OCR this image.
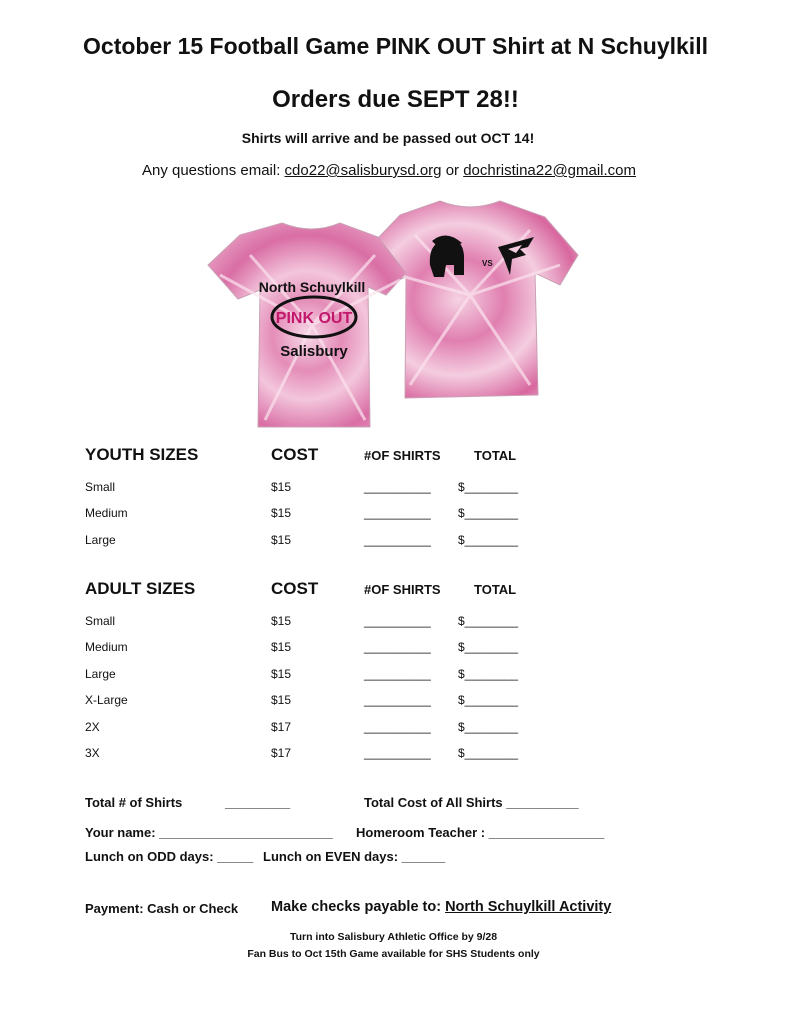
October 15 Football Game PINK OUT Shirt at N Schuylkill
Orders due SEPT 28!!
Shirts will arrive and be passed out OCT 14!
Any questions email: cdo22@salisburysd.org or dochristina22@gmail.com
VS
North Schuylkill
PINK OUT
Salisbury
YOUTH SIZES	COST	#OF SHIRTS	TOTAL
Small	$15	__________ $________
Medium	$15	__________ $________
Large	$15	__________ $________
ADULT SIZES	COST	#OF SHIRTS	TOTAL
Small	$15	__________ $________
Medium	$15	__________ $________
Large	$15	__________ $________
X-Large	$15	__________ $________
2X	$17	__________ $________
3X	$17	__________ $________
Total # of Shirts	_________	Total Cost of All Shirts __________
Your name: ________________________ Homeroom Teacher : ________________
Lunch on ODD days: _____ Lunch on EVEN days: ______
Payment: Cash or Check Make checks payable to: North Schuylkill Activity
Turn into Salisbury Athletic Office by 9/28
Fan Bus to Oct 15th Game available for SHS Students only
